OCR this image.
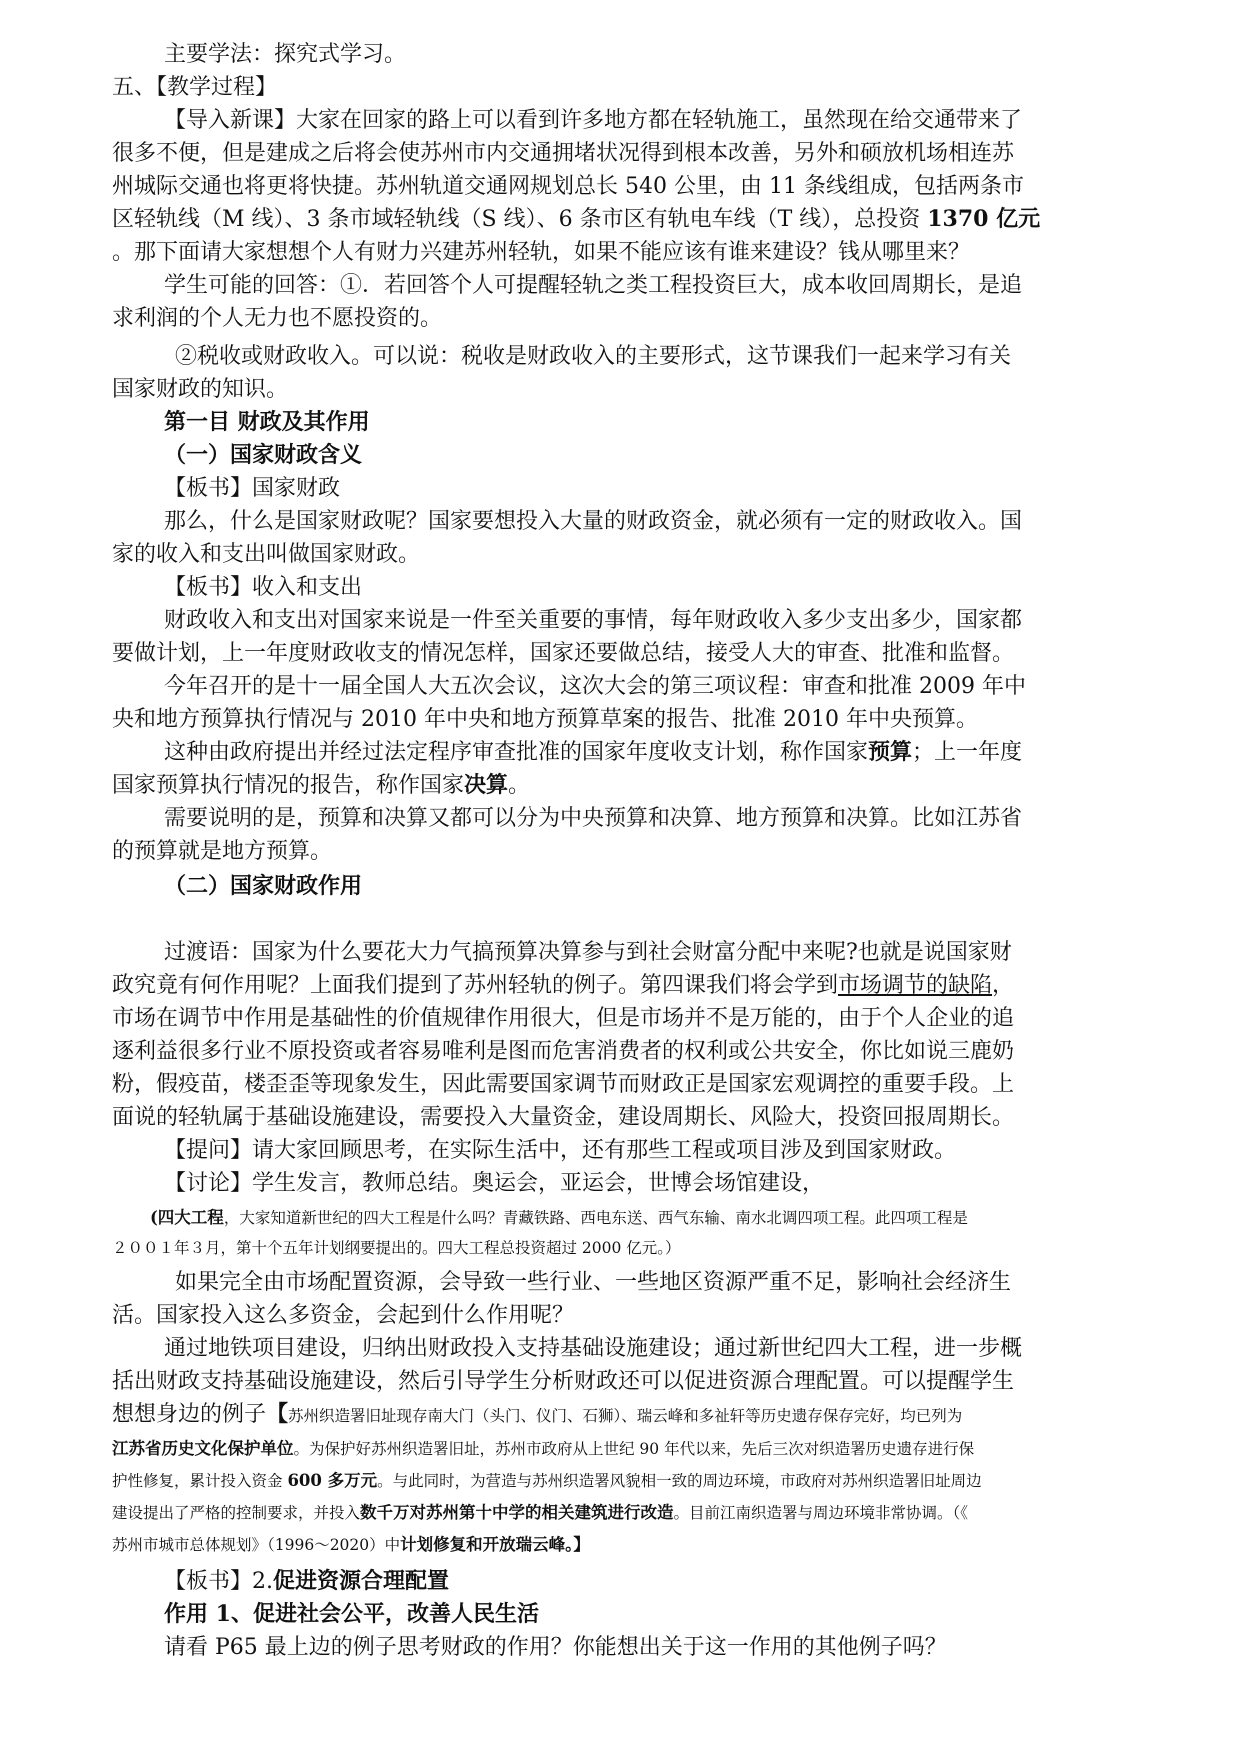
主要学法：探究式学习。
五、【教学过程】
【导入新课】大家在回家的路上可以看到许多地方都在轻轨施工，虽然现在给交通带来了
很多不便，但是建成之后将会使苏州市内交通拥堵状况得到根本改善，另外和硕放机场相连苏
州城际交通也将更将快捷。苏州轨道交通网规划总长 540 公里，由 11 条线组成，包括两条市
区轻轨线（M 线）、3 条市域轻轨线（S 线）、6 条市区有轨电车线（T 线），总投资 1370 亿元
。那下面请大家想想个人有财力兴建苏州轻轨，如果不能应该有谁来建设？钱从哪里来？
学生可能的回答：①．若回答个人可提醒轻轨之类工程投资巨大，成本收回周期长，是追
求利润的个人无力也不愿投资的。
②税收或财政收入。可以说：税收是财政收入的主要形式，这节课我们一起来学习有关
国家财政的知识。
第一目 财政及其作用
（一）国家财政含义
【板书】国家财政
那么，什么是国家财政呢？国家要想投入大量的财政资金，就必须有一定的财政收入。国
家的收入和支出叫做国家财政。
【板书】收入和支出
财政收入和支出对国家来说是一件至关重要的事情，每年财政收入多少支出多少，国家都
要做计划，上一年度财政收支的情况怎样，国家还要做总结，接受人大的审查、批准和监督。
今年召开的是十一届全国人大五次会议，这次大会的第三项议程：审查和批准 2009 年中
央和地方预算执行情况与 2010 年中央和地方预算草案的报告、批准 2010 年中央预算。
这种由政府提出并经过法定程序审查批准的国家年度收支计划，称作国家预算；上一年度
国家预算执行情况的报告，称作国家决算。
需要说明的是，预算和决算又都可以分为中央预算和决算、地方预算和决算。比如江苏省
的预算就是地方预算。
（二）国家财政作用
过渡语：国家为什么要花大力气搞预算决算参与到社会财富分配中来呢?也就是说国家财
政究竟有何作用呢？上面我们提到了苏州轻轨的例子。第四课我们将会学到市场调节的缺陷，
市场在调节中作用是基础性的价值规律作用很大，但是市场并不是万能的，由于个人企业的追
逐利益很多行业不原投资或者容易唯利是图而危害消费者的权利或公共安全，你比如说三鹿奶
粉，假疫苗，楼歪歪等现象发生，因此需要国家调节而财政正是国家宏观调控的重要手段。上
面说的轻轨属于基础设施建设，需要投入大量资金，建设周期长、风险大，投资回报周期长。
【提问】请大家回顾思考，在实际生活中，还有那些工程或项目涉及到国家财政。
【讨论】学生发言，教师总结。奥运会，亚运会，世博会场馆建设，
(四大工程，大家知道新世纪的四大工程是什么吗？青藏铁路、西电东送、西气东输、南水北调四项工程。此四项工程是
２００１年３月，第十个五年计划纲要提出的。四大工程总投资超过 2000 亿元。）
如果完全由市场配置资源，会导致一些行业、一些地区资源严重不足，影响社会经济生
活。国家投入这么多资金，会起到什么作用呢？
通过地铁项目建设，归纳出财政投入支持基础设施建设；通过新世纪四大工程，进一步概
括出财政支持基础设施建设，然后引导学生分析财政还可以促进资源合理配置。可以提醒学生
想想身边的例子【苏州织造署旧址现存南大门（头门、仪门、石狮）、瑞云峰和多祉轩等历史遗存保存完好，均已列为
江苏省历史文化保护单位。为保护好苏州织造署旧址，苏州市政府从上世纪 90 年代以来，先后三次对织造署历史遗存进行保
护性修复，累计投入资金 600 多万元。与此同时，为营造与苏州织造署风貌相一致的周边环境，市政府对苏州织造署旧址周边
建设提出了严格的控制要求，并投入数千万对苏州第十中学的相关建筑进行改造。目前江南织造署与周边环境非常协调。（《
苏州市城市总体规划》（1996～2020）中计划修复和开放瑞云峰。】
【板书】2.促进资源合理配置
作用 1、促进社会公平，改善人民生活
请看 P65 最上边的例子思考财政的作用？你能想出关于这一作用的其他例子吗？
